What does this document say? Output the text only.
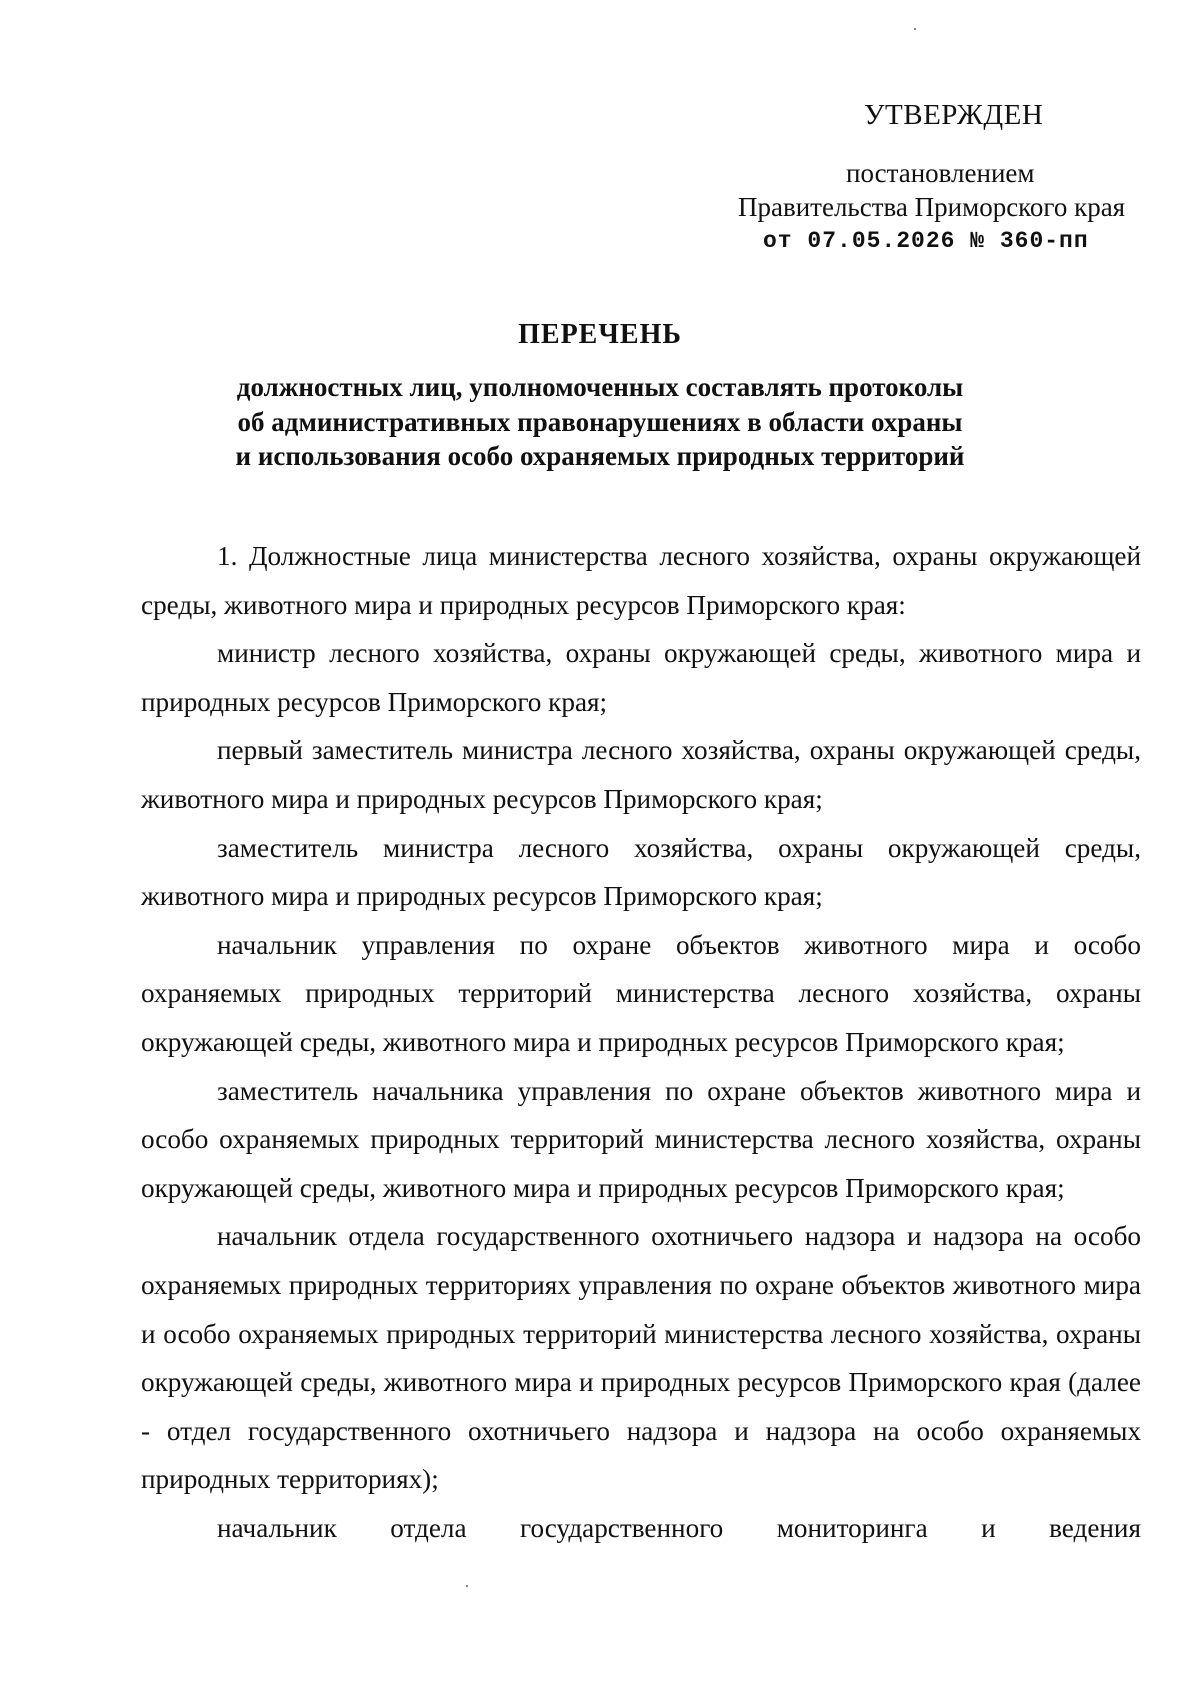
УТВЕРЖДЕН
постановлением
Правительства Приморского края
от 07.05.2026 № 360-пп
ПЕРЕЧЕНЬ
должностных лиц, уполномоченных составлять протоколы
об административных правонарушениях в области охраны
и использования особо охраняемых природных территорий

1. Должностные лица министерства лесного хозяйства, охраны окружающей среды, животного мира и природных ресурсов Приморского края:

министр лесного хозяйства, охраны окружающей среды, животного мира и природных ресурсов Приморского края;

первый заместитель министра лесного хозяйства, охраны окружающей среды, животного мира и природных ресурсов Приморского края;

заместитель министра лесного хозяйства, охраны окружающей среды, животного мира и природных ресурсов Приморского края;

начальник управления по охране объектов животного мира и особо охраняемых природных территорий министерства лесного хозяйства, охраны окружающей среды, животного мира и природных ресурсов Приморского края;

заместитель начальника управления по охране объектов животного мира и особо охраняемых природных территорий министерства лесного хозяйства, охраны окружающей среды, животного мира и природных ресурсов Приморского края;

начальник отдела государственного охотничьего надзора и надзора на особо охраняемых природных территориях управления по охране объектов животного мира и особо охраняемых природных территорий министерства лесного хозяйства, охраны окружающей среды, животного мира и природных ресурсов Приморского края (далее - отдел государственного охотничьего надзора и надзора на особо охраняемых природных территориях);

начальник отдела государственного мониторинга и ведения
